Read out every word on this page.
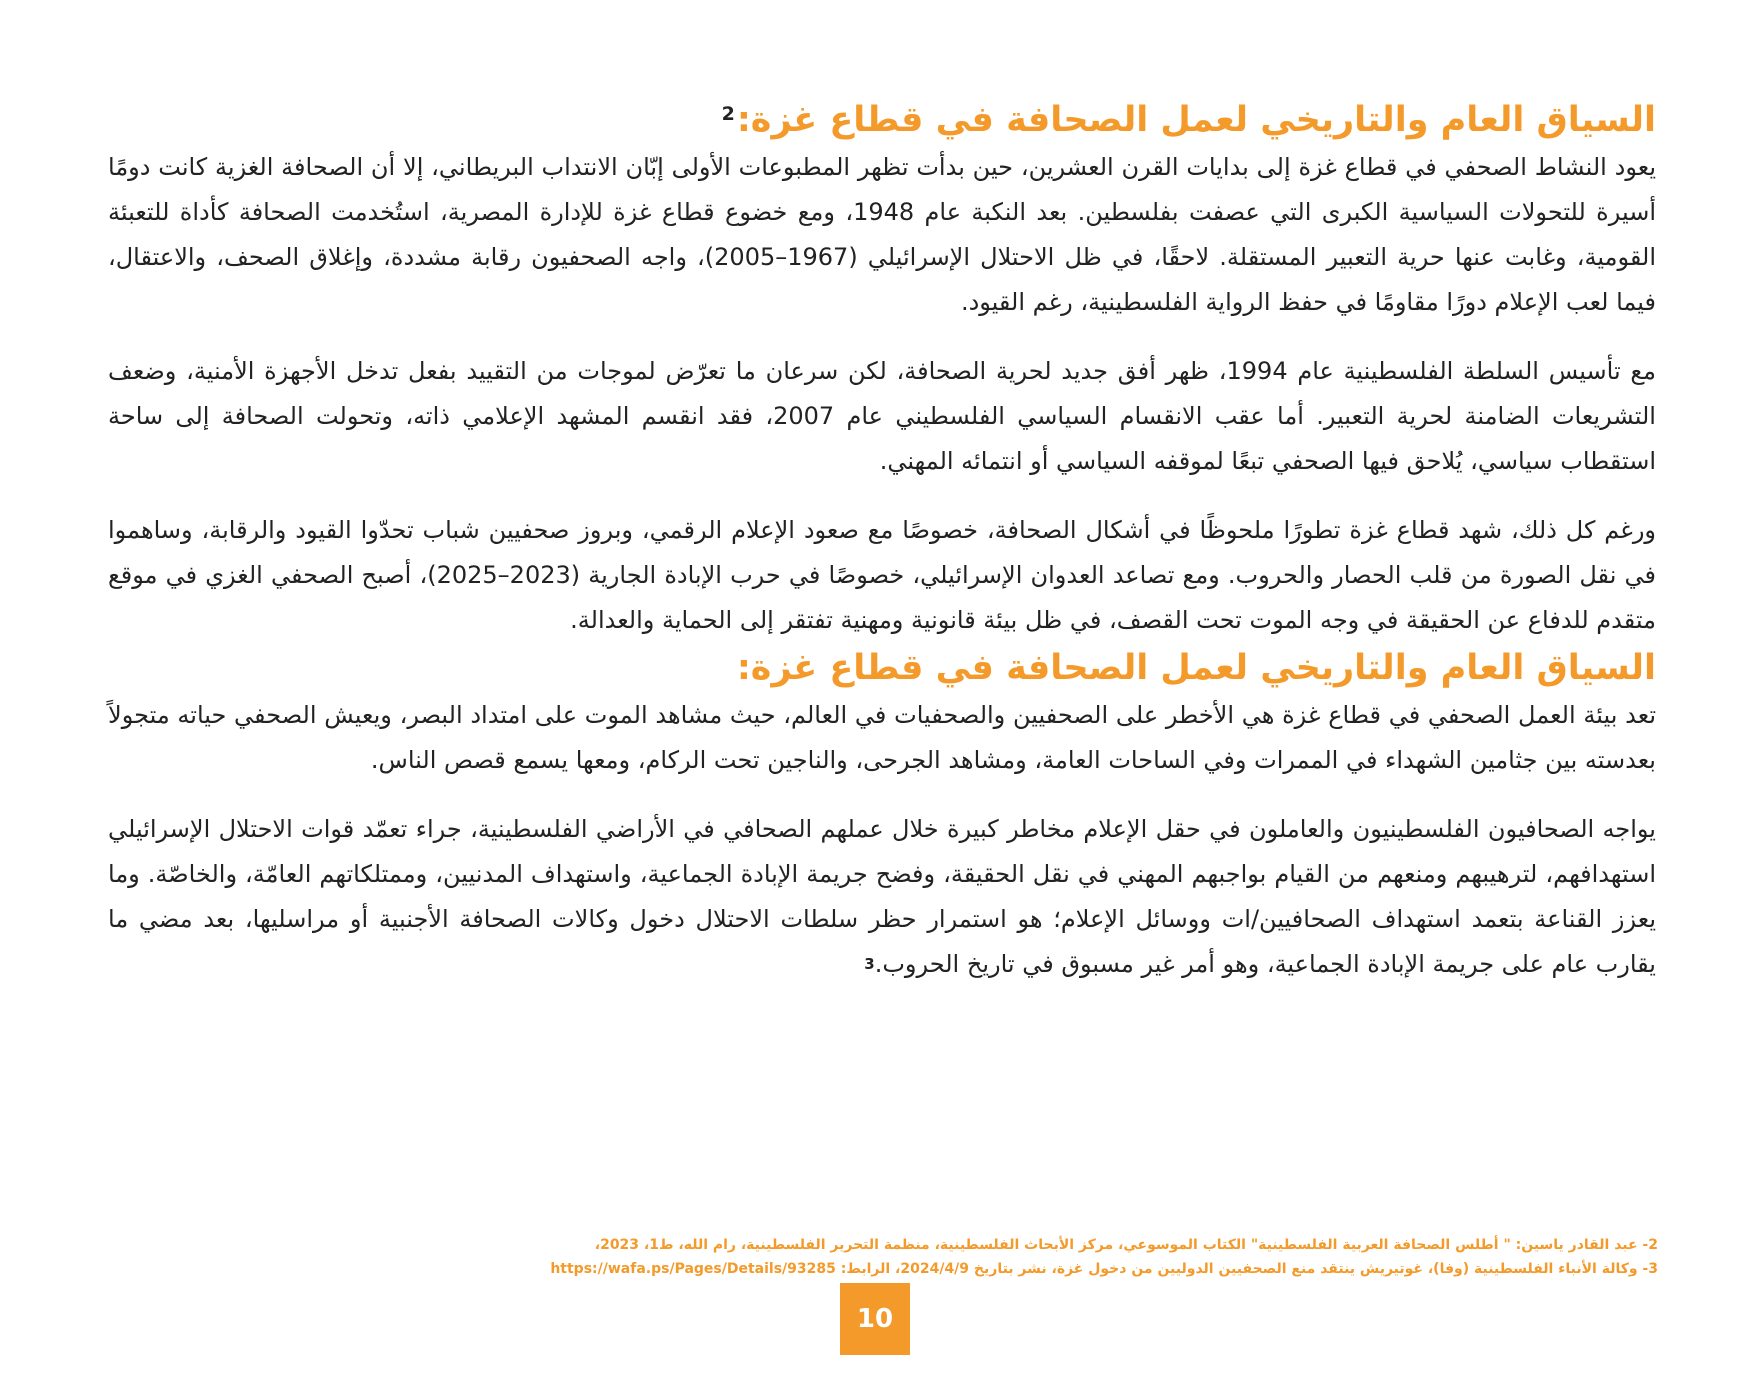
السياق العام والتاريخي لعمل الصحافة في قطاع غزة:$^2$

يعود النشاط الصحفي في قطاع غزة إلى بدايات القرن العشرين، حين بدأت تظهر المطبوعات الأولى إبّان الانتداب البريطاني، إلا أن الصحافة الغزية كانت دومًا أسيرة للتحولات السياسية الكبرى التي عصفت بفلسطين. بعد النكبة عام 1948، ومع خضوع قطاع غزة للإدارة المصرية، استُخدمت الصحافة كأداة للتعبئة القومية، وغابت عنها حرية التعبير المستقلة. لاحقًا، في ظل الاحتلال الإسرائيلي (1967–2005)، واجه الصحفيون رقابة مشددة، وإغلاق الصحف، والاعتقال، فيما لعب الإعلام دورًا مقاومًا في حفظ الرواية الفلسطينية، رغم القيود.

مع تأسيس السلطة الفلسطينية عام 1994، ظهر أفق جديد لحرية الصحافة، لكن سرعان ما تعرّض لموجات من التقييد بفعل تدخل الأجهزة الأمنية، وضعف التشريعات الضامنة لحرية التعبير. أما عقب الانقسام السياسي الفلسطيني عام 2007، فقد انقسم المشهد الإعلامي ذاته، وتحولت الصحافة إلى ساحة استقطاب سياسي، يُلاحق فيها الصحفي تبعًا لموقفه السياسي أو انتمائه المهني.

ورغم كل ذلك، شهد قطاع غزة تطورًا ملحوظًا في أشكال الصحافة، خصوصًا مع صعود الإعلام الرقمي، وبروز صحفيين شباب تحدّوا القيود والرقابة، وساهموا في نقل الصورة من قلب الحصار والحروب. ومع تصاعد العدوان الإسرائيلي، خصوصًا في حرب الإبادة الجارية (2023–2025)، أصبح الصحفي الغزي في موقع متقدم للدفاع عن الحقيقة في وجه الموت تحت القصف، في ظل بيئة قانونية ومهنية تفتقر إلى الحماية والعدالة.

السياق العام والتاريخي لعمل الصحافة في قطاع غزة:

تعد بيئة العمل الصحفي في قطاع غزة هي الأخطر على الصحفيين والصحفيات في العالم، حيث مشاهد الموت على امتداد البصر، ويعيش الصحفي حياته متجولاً بعدسته بين جثامين الشهداء في الممرات وفي الساحات العامة، ومشاهد الجرحى، والناجين تحت الركام، ومعها يسمع قصص الناس.

يواجه الصحافيون الفلسطينيون والعاملون في حقل الإعلام مخاطر كبيرة خلال عملهم الصحافي في الأراضي الفلسطينية، جراء تعمّد قوات الاحتلال الإسرائيلي استهدافهم، لترهيبهم ومنعهم من القيام بواجبهم المهني في نقل الحقيقة، وفضح جريمة الإبادة الجماعية، واستهداف المدنيين، وممتلكاتهم العامّة، والخاصّة. وما يعزز القناعة بتعمد استهداف الصحافيين/ات ووسائل الإعلام؛ هو استمرار حظر سلطات الاحتلال دخول وكالات الصحافة الأجنبية أو مراسليها، بعد مضي ما يقارب عام على جريمة الإبادة الجماعية، وهو أمر غير مسبوق في تاريخ الحروب.$^3$

2- عبد القادر ياسين: " أطلس الصحافة العربية الفلسطينية" الكتاب الموسوعي، مركز الأبحاث الفلسطينية، منظمة التحرير الفلسطينية، رام الله، ط1، 2023،

3- وكالة الأنباء الفلسطينية (وفا)، غوتيريش ينتقد منع الصحفيين الدوليين من دخول غزة، نشر بتاريخ 2024/4/9، الرابط: https://wafa.ps/Pages/Details/93285

10
